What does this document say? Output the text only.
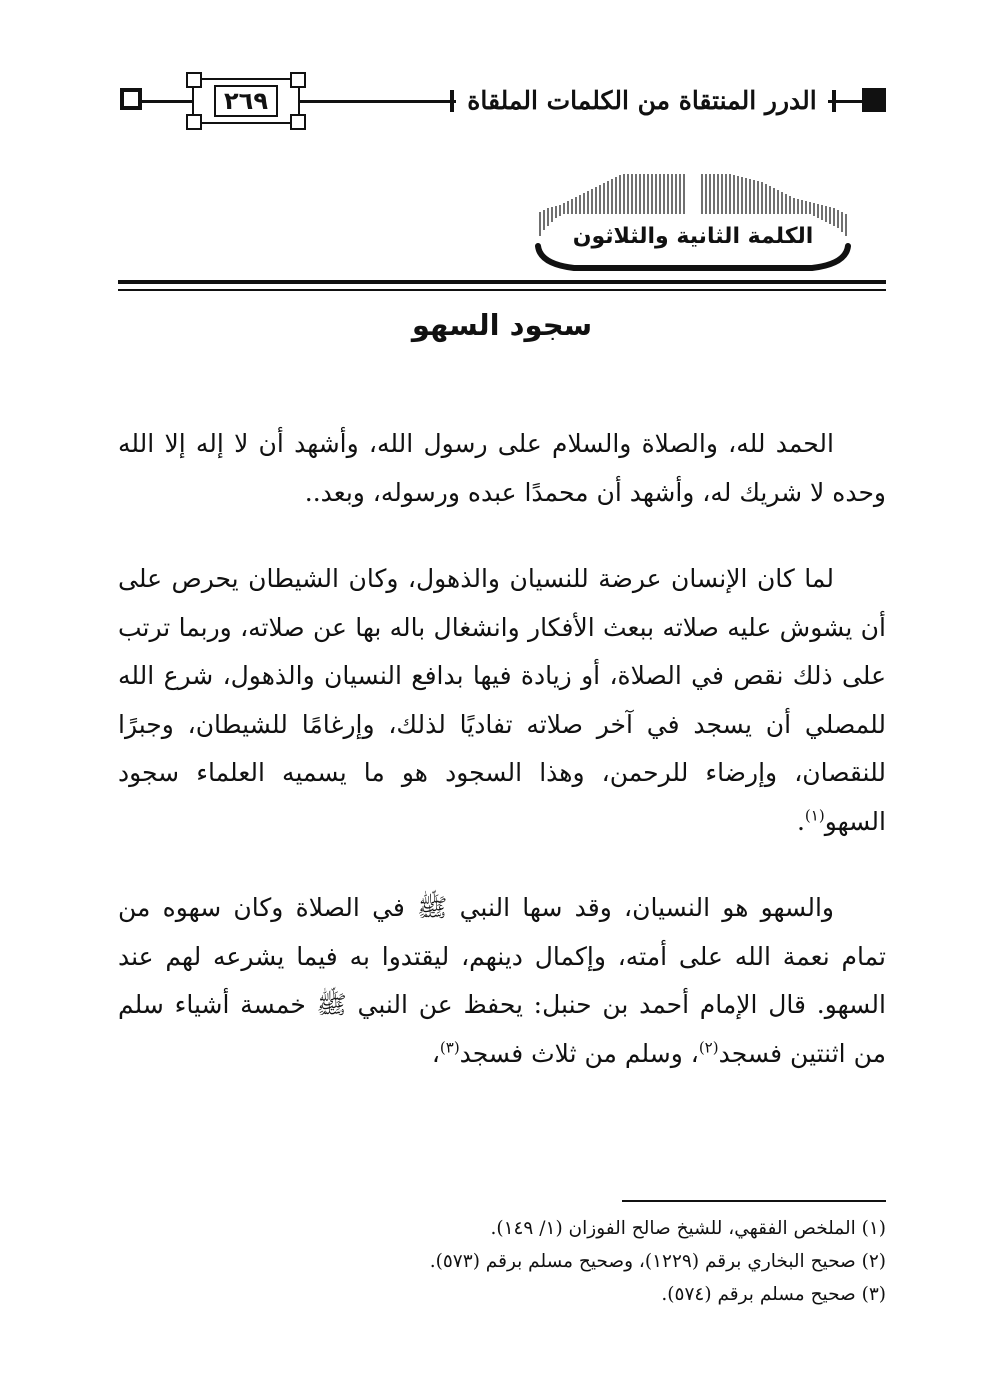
٢٦٩	الدرر المنتقاة من الكلمات الملقاة
الكلمة الثانية والثلاثون
سجود السهو

الحمد لله، والصلاة والسلام على رسول الله، وأشهد أن لا إله إلا الله وحده لا شريك له، وأشهد أن محمدًا عبده ورسوله، وبعد..

لما كان الإنسان عرضة للنسيان والذهول، وكان الشيطان يحرص على أن يشوش عليه صلاته ببعث الأفكار وانشغال باله بها عن صلاته، وربما ترتب على ذلك نقص في الصلاة، أو زيادة فيها بدافع النسيان والذهول، شرع الله للمصلي أن يسجد في آخر صلاته تفاديًا لذلك، وإرغامًا للشيطان، وجبرًا للنقصان، وإرضاء للرحمن، وهذا السجود هو ما يسميه العلماء سجود السهو$^{(١)}$.

والسهو هو النسيان، وقد سها النبي ﷺ في الصلاة وكان سهوه من تمام نعمة الله على أمته، وإكمال دينهم، ليقتدوا به فيما يشرعه لهم عند السهو. قال الإمام أحمد بن حنبل: يحفظ عن النبي ﷺ خمسة أشياء سلم من اثنتين فسجد$^{(٢)}$، وسلم من ثلاث فسجد$^{(٣)}$،

(١) الملخص الفقهي، للشيخ صالح الفوزان (١/ ١٤٩).
(٢) صحيح البخاري برقم (١٢٢٩)، وصحيح مسلم برقم (٥٧٣).
(٣) صحيح مسلم برقم (٥٧٤).
